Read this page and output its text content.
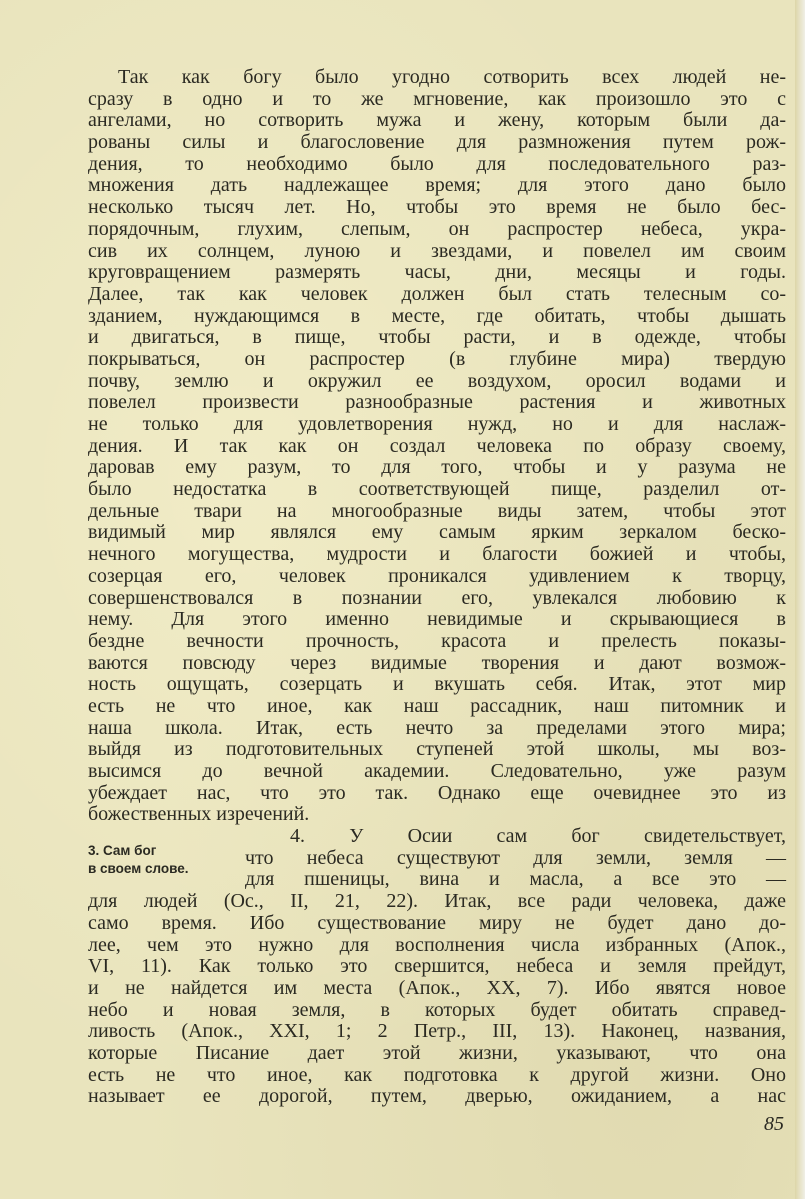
Так как богу было угодно сотворить всех людей не-
сразу в одно и то же мгновение, как произошло это с
ангелами, но сотворить мужа и жену, которым были да-
рованы силы и благословение для размножения путем рож-
дения, то необходимо было для последовательного раз-
множения дать надлежащее время; для этого дано было
несколько тысяч лет. Но, чтобы это время не было бес-
порядочным, глухим, слепым, он распростер небеса, укра-
сив их солнцем, луною и звездами, и повелел им своим
круговращением размерять часы, дни, месяцы и годы.
Далее, так как человек должен был стать телесным со-
зданием, нуждающимся в месте, где обитать, чтобы дышать
и двигаться, в пище, чтобы расти, и в одежде, чтобы
покрываться, он распростер (в глубине мира) твердую
почву, землю и окружил ее воздухом, оросил водами и
повелел произвести разнообразные растения и животных
не только для удовлетворения нужд, но и для наслаж-
дения. И так как он создал человека по образу своему,
даровав ему разум, то для того, чтобы и у разума не
было недостатка в соответствующей пище, разделил от-
дельные твари на многообразные виды затем, чтобы этот
видимый мир являлся ему самым ярким зеркалом беско-
нечного могущества, мудрости и благости божией и чтобы,
созерцая его, человек проникался удивлением к творцу,
совершенствовался в познании его, увлекался любовию к
нему. Для этого именно невидимые и скрывающиеся в
бездне вечности прочность, красота и прелесть показы-
ваются повсюду через видимые творения и дают возмож-
ность ощущать, созерцать и вкушать себя. Итак, этот мир
есть не что иное, как наш рассадник, наш питомник и
наша школа. Итак, есть нечто за пределами этого мира;
выйдя из подготовительных ступеней этой школы, мы воз-
высимся до вечной академии. Следовательно, уже разум
убеждает нас, что это так. Однако еще очевиднее это из
божественных изречений.
4. У Осии сам бог свидетельствует,
что небеса существуют для земли, земля —
для пшеницы, вина и масла, а все это —
для людей (Ос., II, 21, 22). Итак, все ради человека, даже
само время. Ибо существование миру не будет дано до-
лее, чем это нужно для восполнения числа избранных (Апок.,
VI, 11). Как только это свершится, небеса и земля прейдут,
и не найдется им места (Апок., XX, 7). Ибо явятся новое
небо и новая земля, в которых будет обитать справед-
ливость (Апок., XXI, 1; 2 Петр., III, 13). Наконец, названия,
которые Писание дает этой жизни, указывают, что она
есть не что иное, как подготовка к другой жизни. Оно
называет ее дорогой, путем, дверью, ожиданием, а нас
3. Сам бог
в своем слове.
85
